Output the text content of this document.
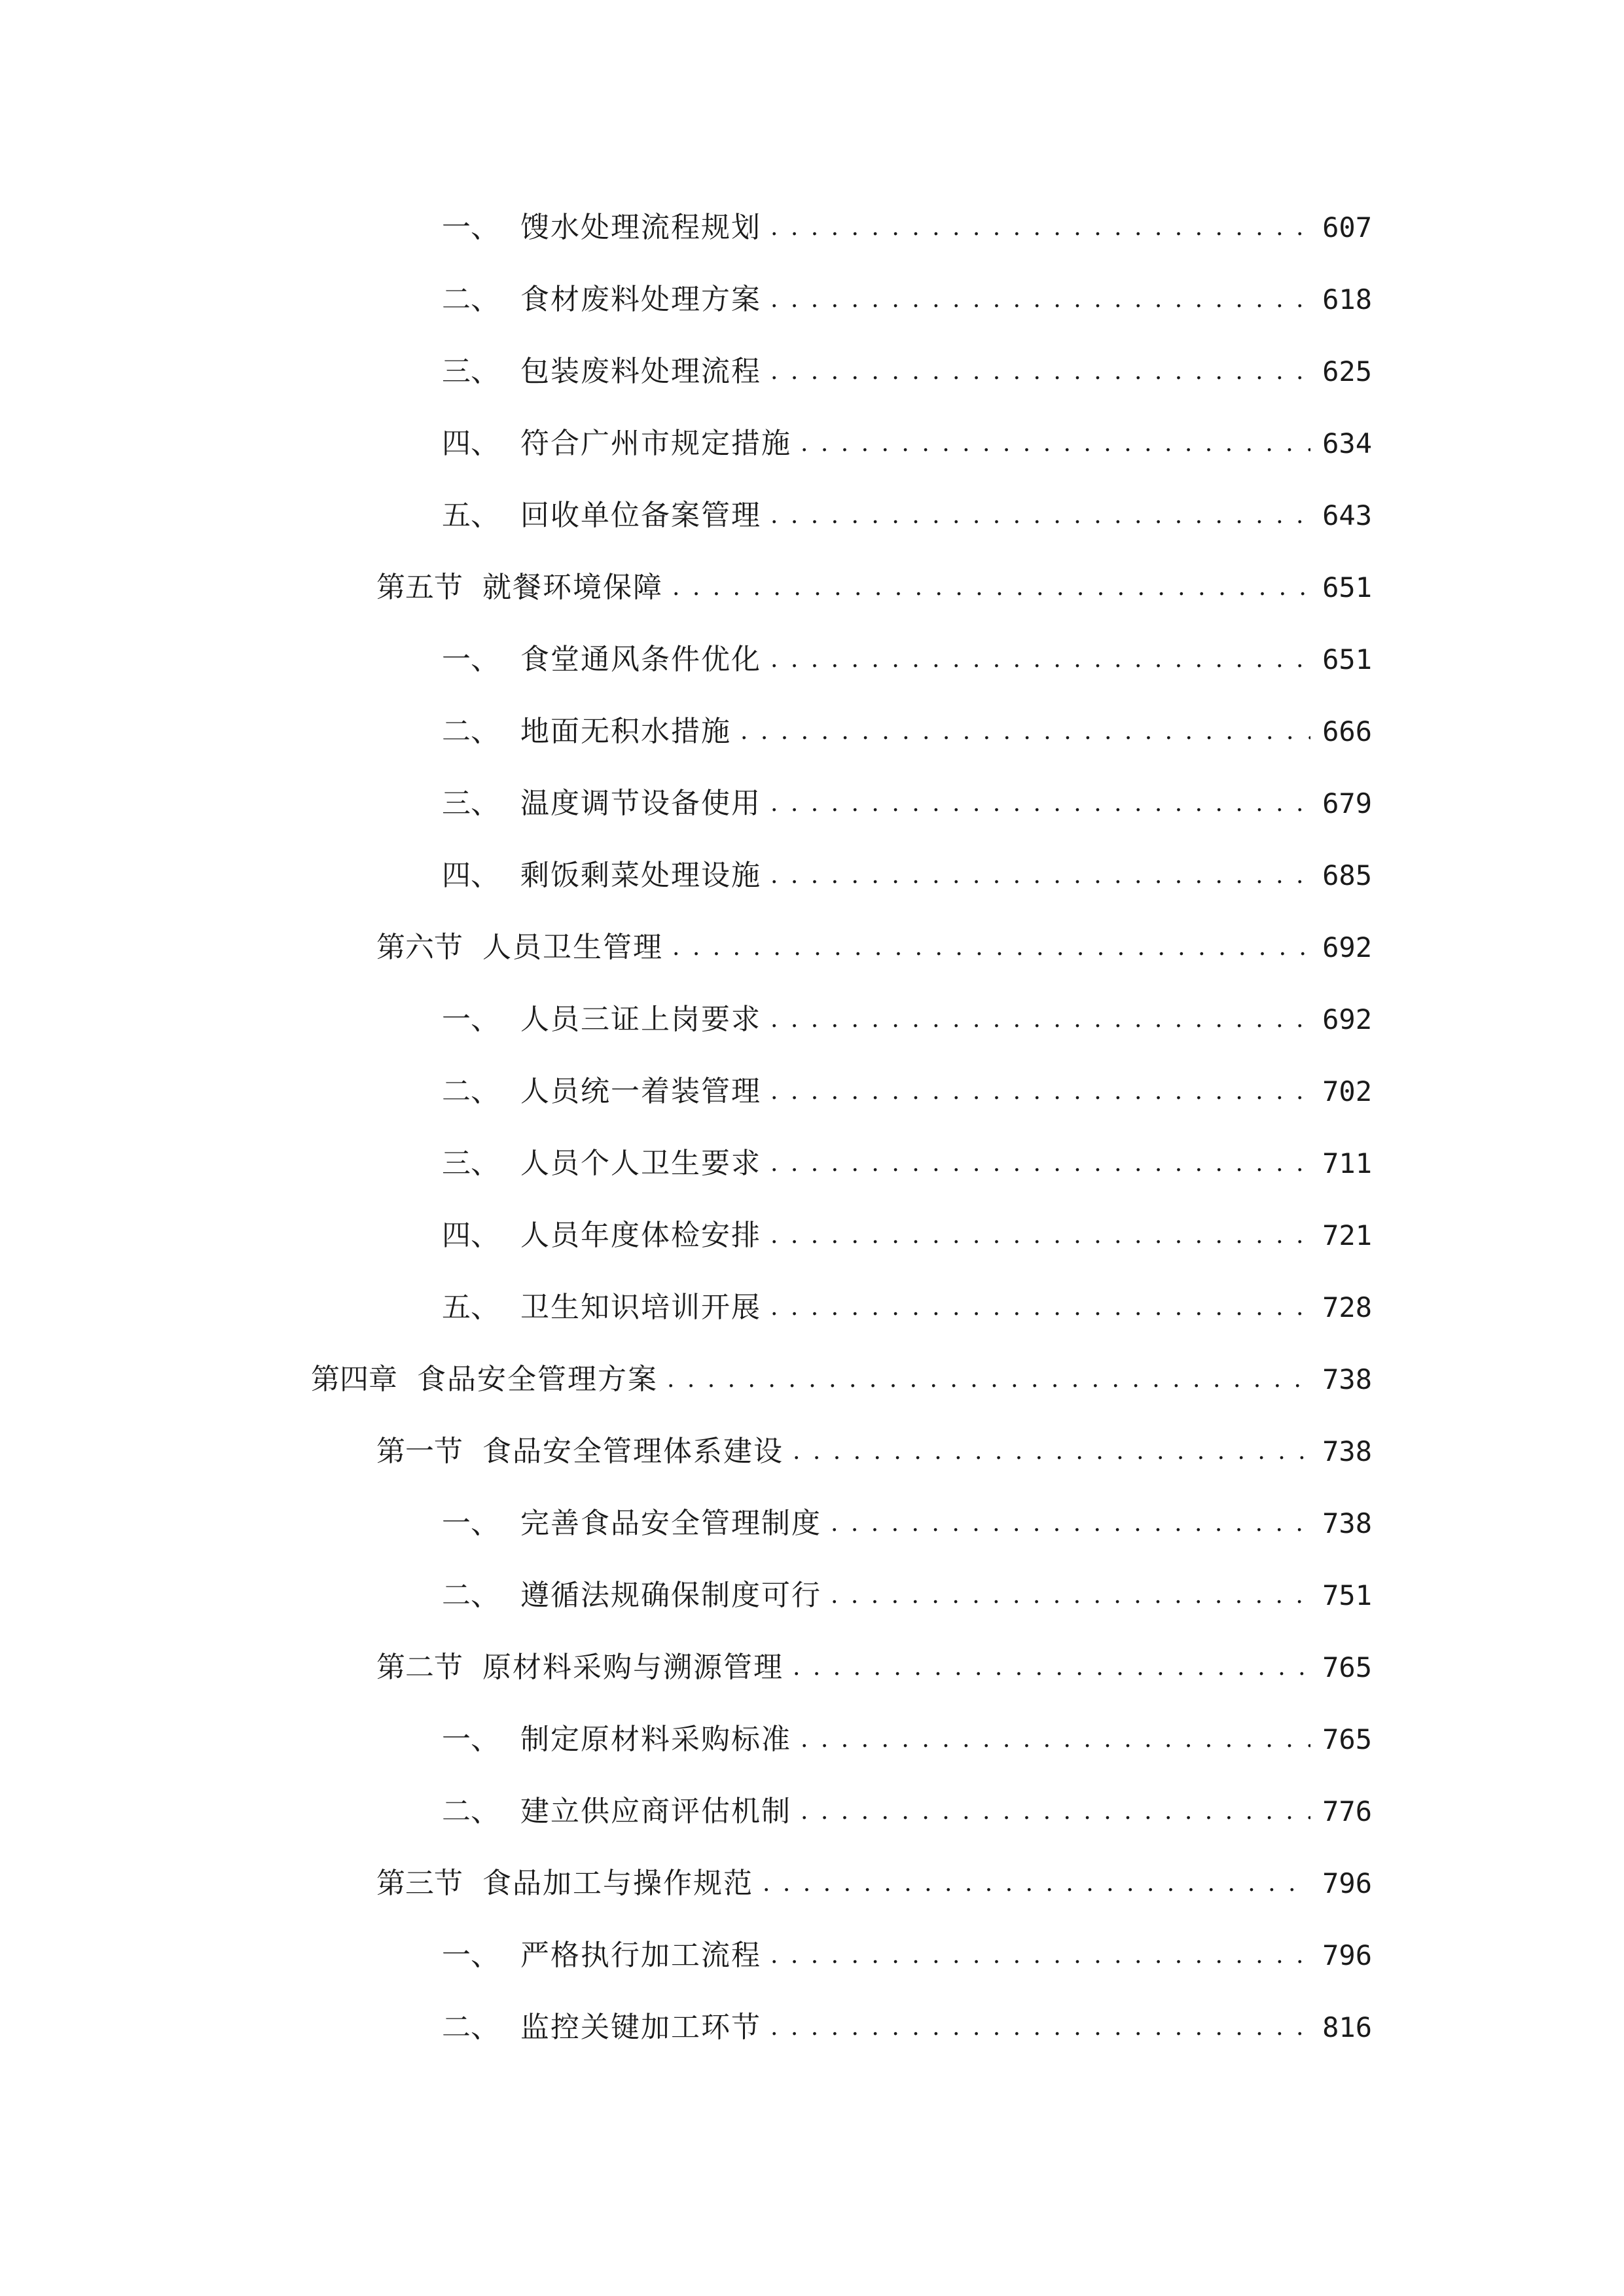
一、 馊水处理流程规划 . . .	607
二、 食材废料处理方案 . . .	618
三、 包装废料处理流程 . . .	625
四、 符合广州市规定措施 . . .	634
五、 回收单位备案管理 . . .	643
第五节 就餐环境保障 . . .	651
一、 食堂通风条件优化 . . .	651
二、 地面无积水措施 . . .	666
三、 温度调节设备使用 . . .	679
四、 剩饭剩菜处理设施 . . .	685
第六节 人员卫生管理 . . .	692
一、 人员三证上岗要求 . . .	692
二、 人员统一着装管理 . . .	702
三、 人员个人卫生要求 . . .	711
四、 人员年度体检安排 . . .	721
五、 卫生知识培训开展 . . .	728
第四章 食品安全管理方案 . . .	738
第一节 食品安全管理体系建设 . . .	738
一、 完善食品安全管理制度 . . .	738
二、 遵循法规确保制度可行 . . .	751
第二节 原材料采购与溯源管理 . . .	765
一、 制定原材料采购标准 . . .	765
二、 建立供应商评估机制 . . .	776
第三节 食品加工与操作规范 . . .	796
一、 严格执行加工流程 . . .	796
二、 监控关键加工环节 . . .	816
